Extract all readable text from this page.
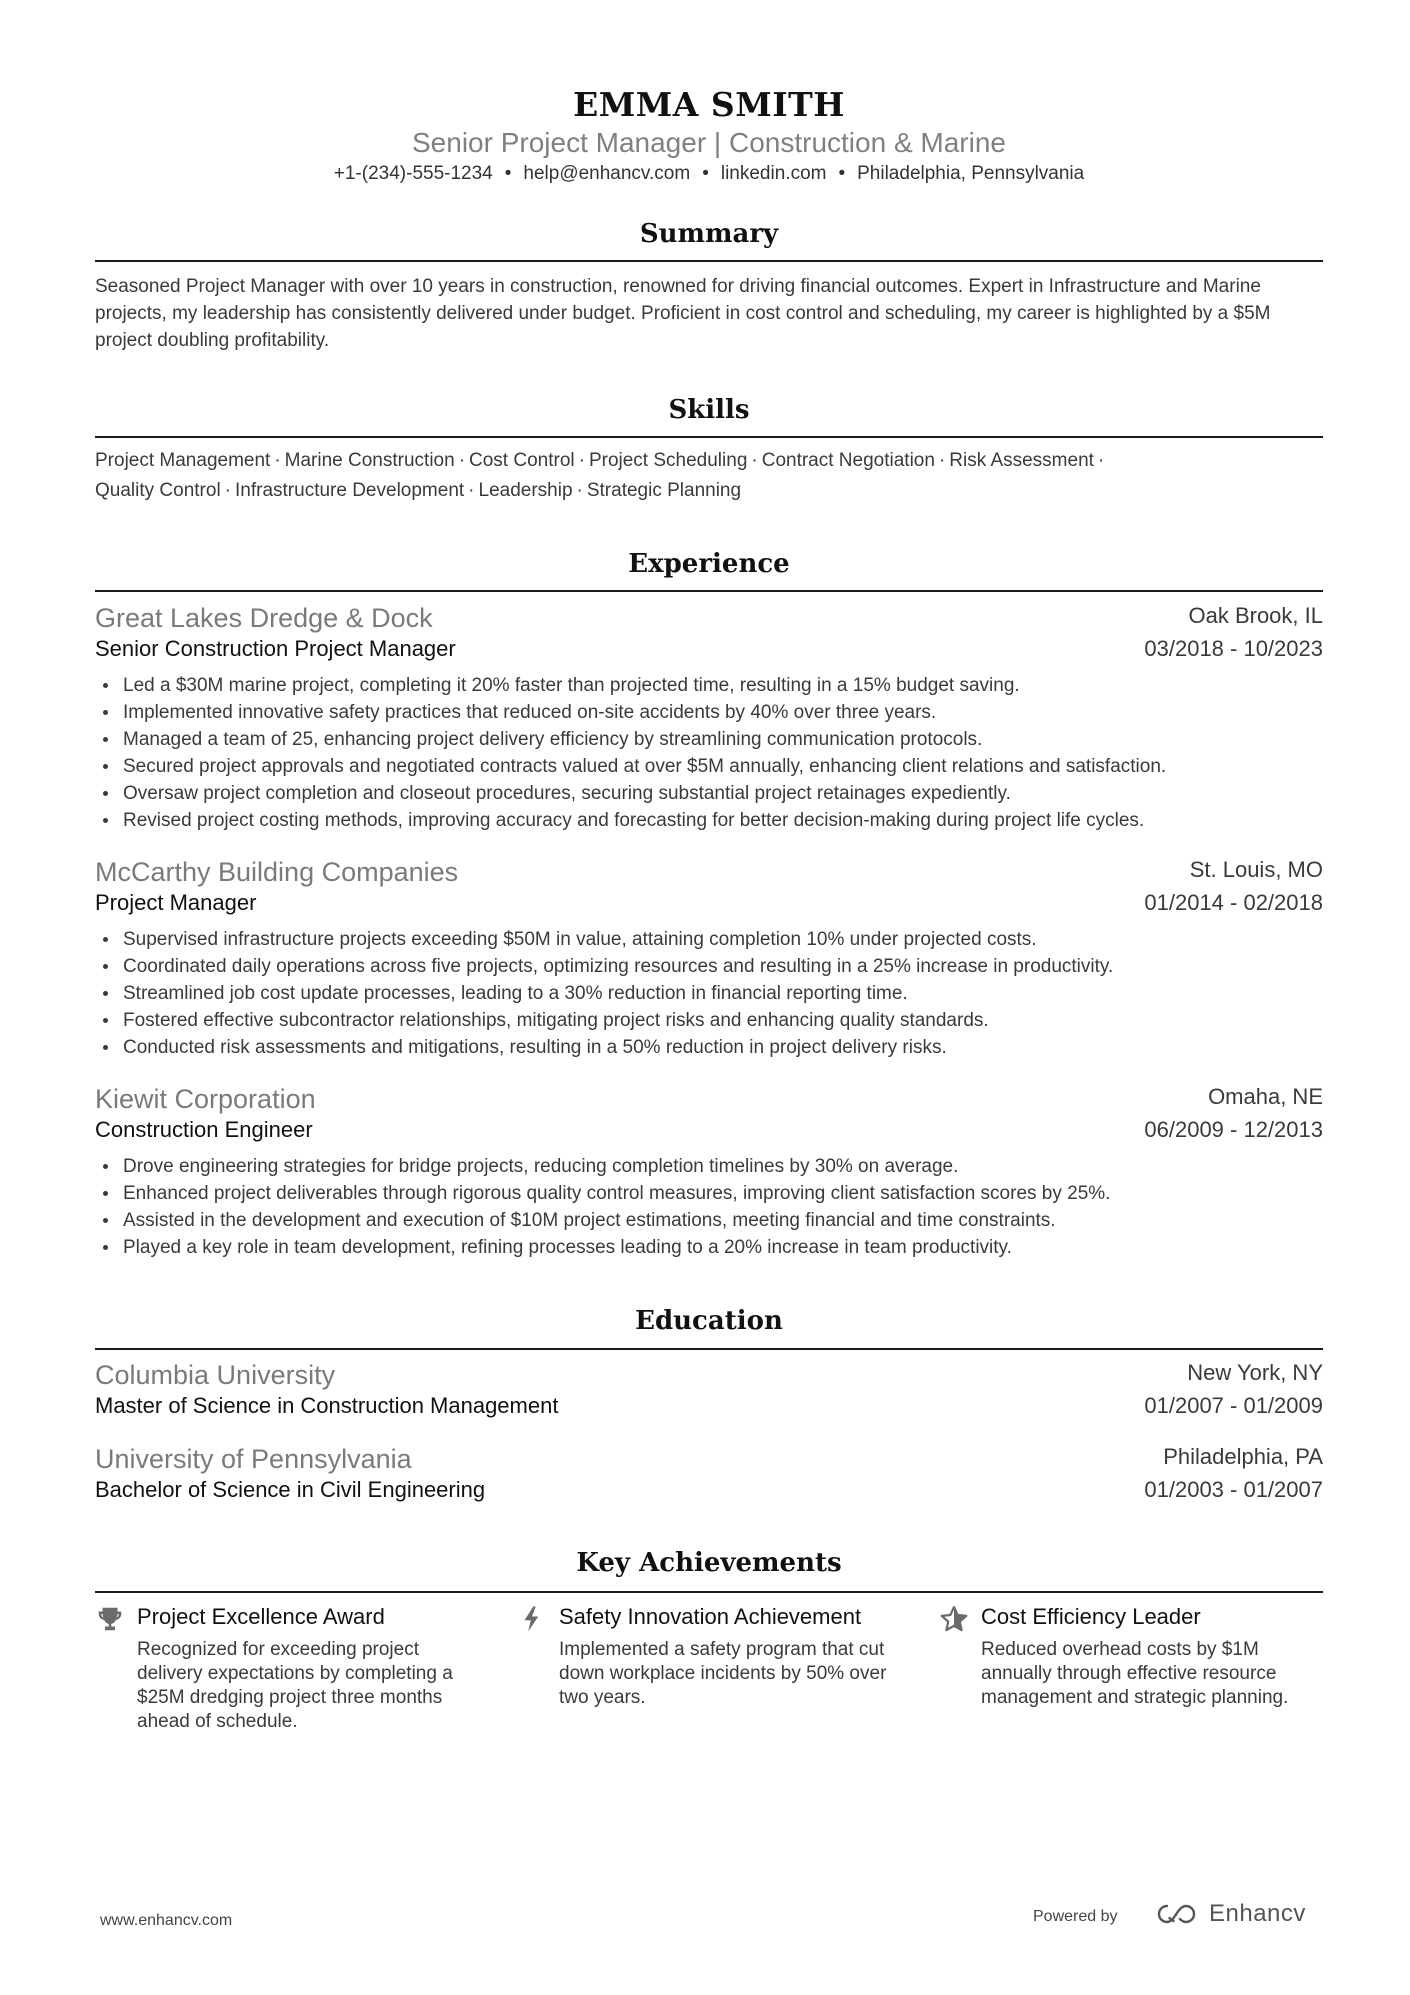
EMMA SMITH
Senior Project Manager | Construction & Marine
+1-(234)-555-1234 • help@enhancv.com • linkedin.com • Philadelphia, Pennsylvania
Summary
Seasoned Project Manager with over 10 years in construction, renowned for driving financial outcomes. Expert in Infrastructure and Marine projects, my leadership has consistently delivered under budget. Proficient in cost control and scheduling, my career is highlighted by a $5M project doubling profitability.
Skills
Project Management · Marine Construction · Cost Control · Project Scheduling · Contract Negotiation · Risk Assessment ·
Quality Control · Infrastructure Development · Leadership · Strategic Planning
Experience
Great Lakes Dredge & Dock	Oak Brook, IL
Senior Construction Project Manager	03/2018 - 10/2023
Led a $30M marine project, completing it 20% faster than projected time, resulting in a 15% budget saving.
Implemented innovative safety practices that reduced on-site accidents by 40% over three years.
Managed a team of 25, enhancing project delivery efficiency by streamlining communication protocols.
Secured project approvals and negotiated contracts valued at over $5M annually, enhancing client relations and satisfaction.
Oversaw project completion and closeout procedures, securing substantial project retainages expediently.
Revised project costing methods, improving accuracy and forecasting for better decision-making during project life cycles.
McCarthy Building Companies	St. Louis, MO
Project Manager	01/2014 - 02/2018
Supervised infrastructure projects exceeding $50M in value, attaining completion 10% under projected costs.
Coordinated daily operations across five projects, optimizing resources and resulting in a 25% increase in productivity.
Streamlined job cost update processes, leading to a 30% reduction in financial reporting time.
Fostered effective subcontractor relationships, mitigating project risks and enhancing quality standards.
Conducted risk assessments and mitigations, resulting in a 50% reduction in project delivery risks.
Kiewit Corporation	Omaha, NE
Construction Engineer	06/2009 - 12/2013
Drove engineering strategies for bridge projects, reducing completion timelines by 30% on average.
Enhanced project deliverables through rigorous quality control measures, improving client satisfaction scores by 25%.
Assisted in the development and execution of $10M project estimations, meeting financial and time constraints.
Played a key role in team development, refining processes leading to a 20% increase in team productivity.
Education
Columbia University	New York, NY
Master of Science in Construction Management	01/2007 - 01/2009
University of Pennsylvania	Philadelphia, PA
Bachelor of Science in Civil Engineering	01/2003 - 01/2007
Key Achievements
Project Excellence Award
Recognized for exceeding project delivery expectations by completing a $25M dredging project three months ahead of schedule.
Safety Innovation Achievement
Implemented a safety program that cut down workplace incidents by 50% over two years.
Cost Efficiency Leader
Reduced overhead costs by $1M annually through effective resource management and strategic planning.
www.enhancv.com	Powered by	Enhancv
